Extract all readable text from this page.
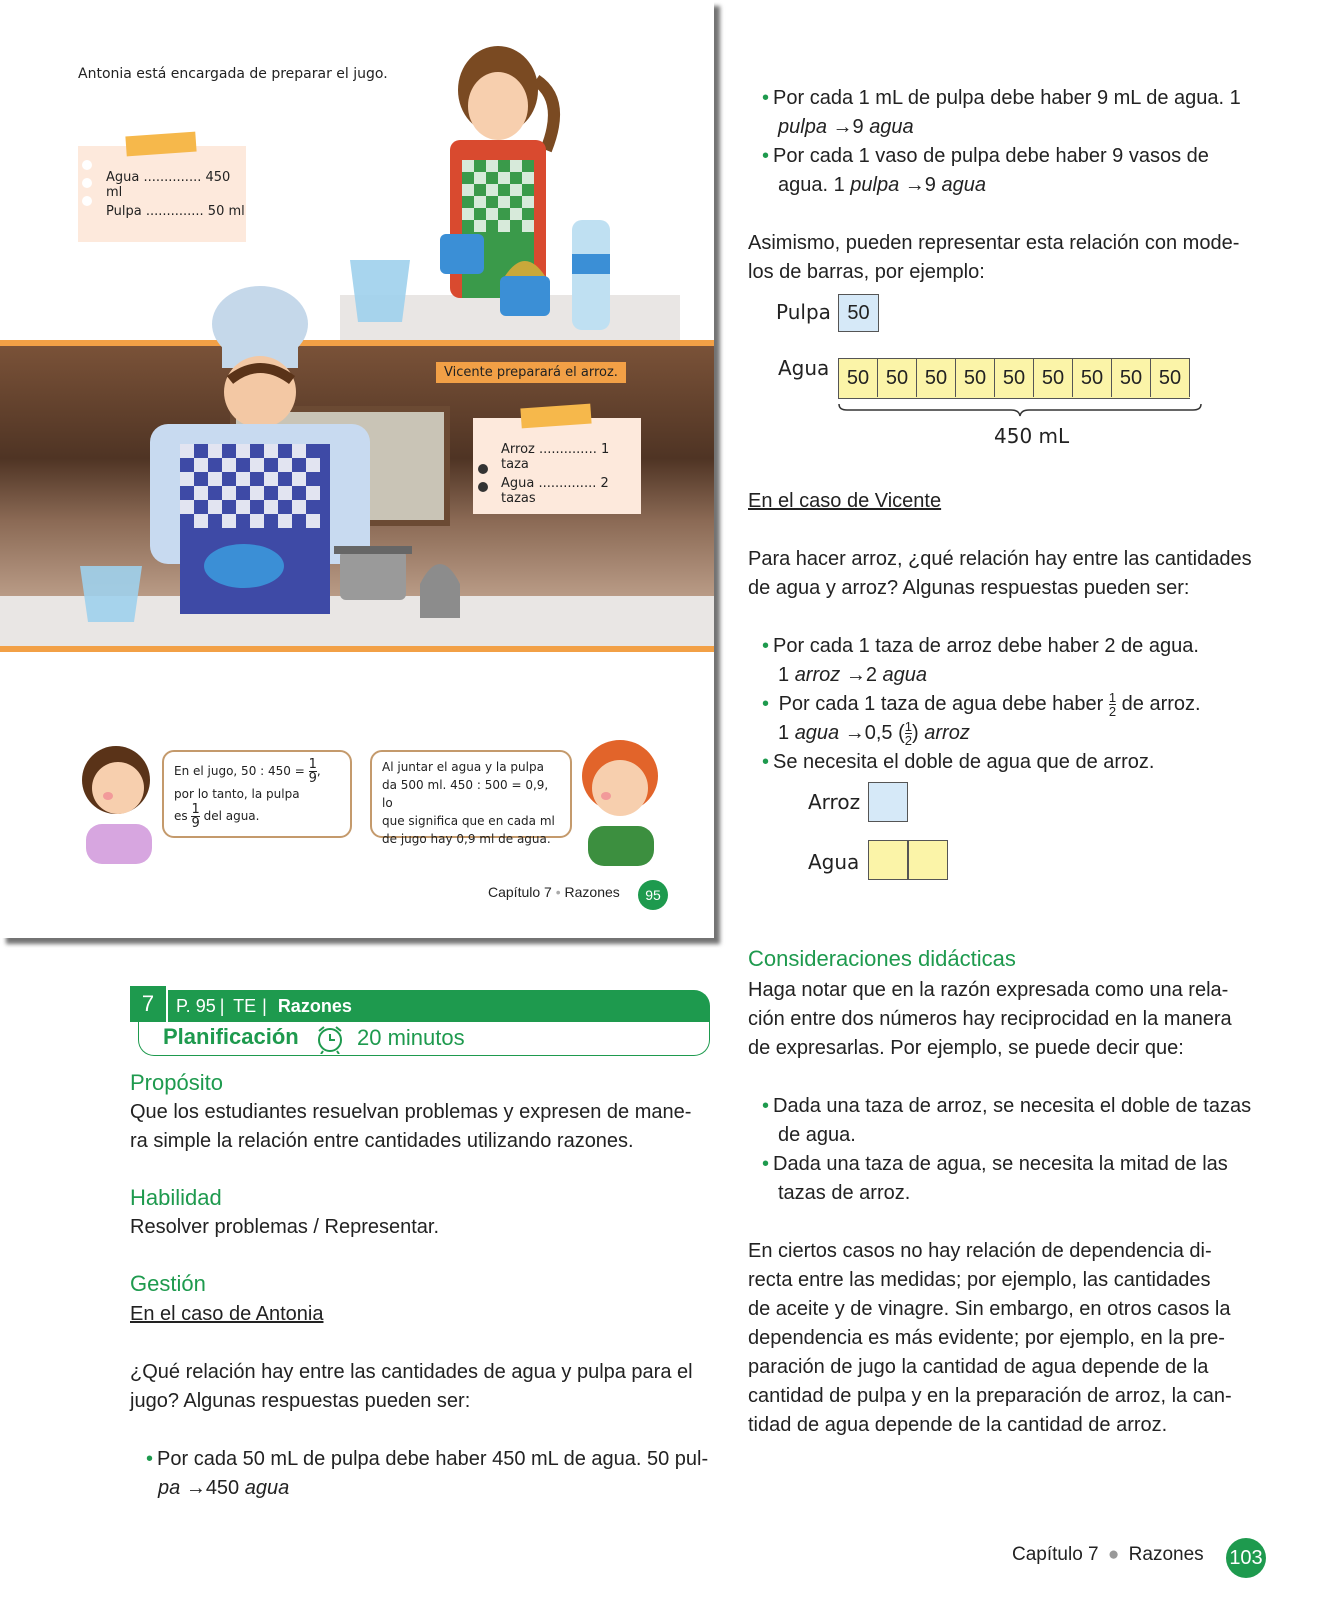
Antonia está encargada de preparar el jugo.
Agua .............. 450 ml
Pulpa .............. 50 ml
Vicente preparará el arroz.
Arroz .............. 1 taza
Agua .............. 2 tazas
En el jugo, 50 : $450 = \frac{1}{9}$ ,
por lo tanto, la pulpa
es $\frac{1}{9}$ del agua.
Al juntar el agua y la pulpa
da 500 ml. 450 : 500 = 0,9, lo
que significa que en cada ml
de jugo hay 0,9 ml de agua.
Capítulo 7 • Razones	95
7	P. 95 | TE | Razones
Planificación	20 minutos
Propósito
Que los estudiantes resuelvan problemas y expresen de mane-
ra simple la relación entre cantidades utilizando razones.
Habilidad
Resolver problemas / Representar.
Gestión
En el caso de Antonia
¿Qué relación hay entre las cantidades de agua y pulpa para el
jugo? Algunas respuestas pueden ser:
• Por cada 50 mL de pulpa debe haber 450 mL de agua. 50 pul-
pa →450 agua
• Por cada 1 mL de pulpa debe haber 9 mL de agua. 1
pulpa →9 agua
• Por cada 1 vaso de pulpa debe haber 9 vasos de
agua. 1 pulpa →9 agua
Asimismo, pueden representar esta relación con mode-
los de barras, por ejemplo:
Pulpa 50
Agua 50 50 50 50 50 50 50 50 50
450 mL
En el caso de Vicente
Para hacer arroz, ¿qué relación hay entre las cantidades
de agua y arroz? Algunas respuestas pueden ser:
• Por cada 1 taza de arroz debe haber 2 de agua.
1 arroz →2 agua
• Por cada 1 taza de agua debe haber $\frac{1}{2}$ de arroz.
1 agua →0,5 ( $\frac{1}{2}$ ) arroz
• Se necesita el doble de agua que de arroz.
Arroz
Agua
Consideraciones didácticas
Haga notar que en la razón expresada como una rela-
ción entre dos números hay reciprocidad en la manera
de expresarlas. Por ejemplo, se puede decir que:
• Dada una taza de arroz, se necesita el doble de tazas
de agua.
• Dada una taza de agua, se necesita la mitad de las
tazas de arroz.
En ciertos casos no hay relación de dependencia di-
recta entre las medidas; por ejemplo, las cantidades
de aceite y de vinagre. Sin embargo, en otros casos la
dependencia es más evidente; por ejemplo, en la pre-
paración de jugo la cantidad de agua depende de la
cantidad de pulpa y en la preparación de arroz, la can-
tidad de agua depende de la cantidad de arroz.
Capítulo 7 ● Razones 103
